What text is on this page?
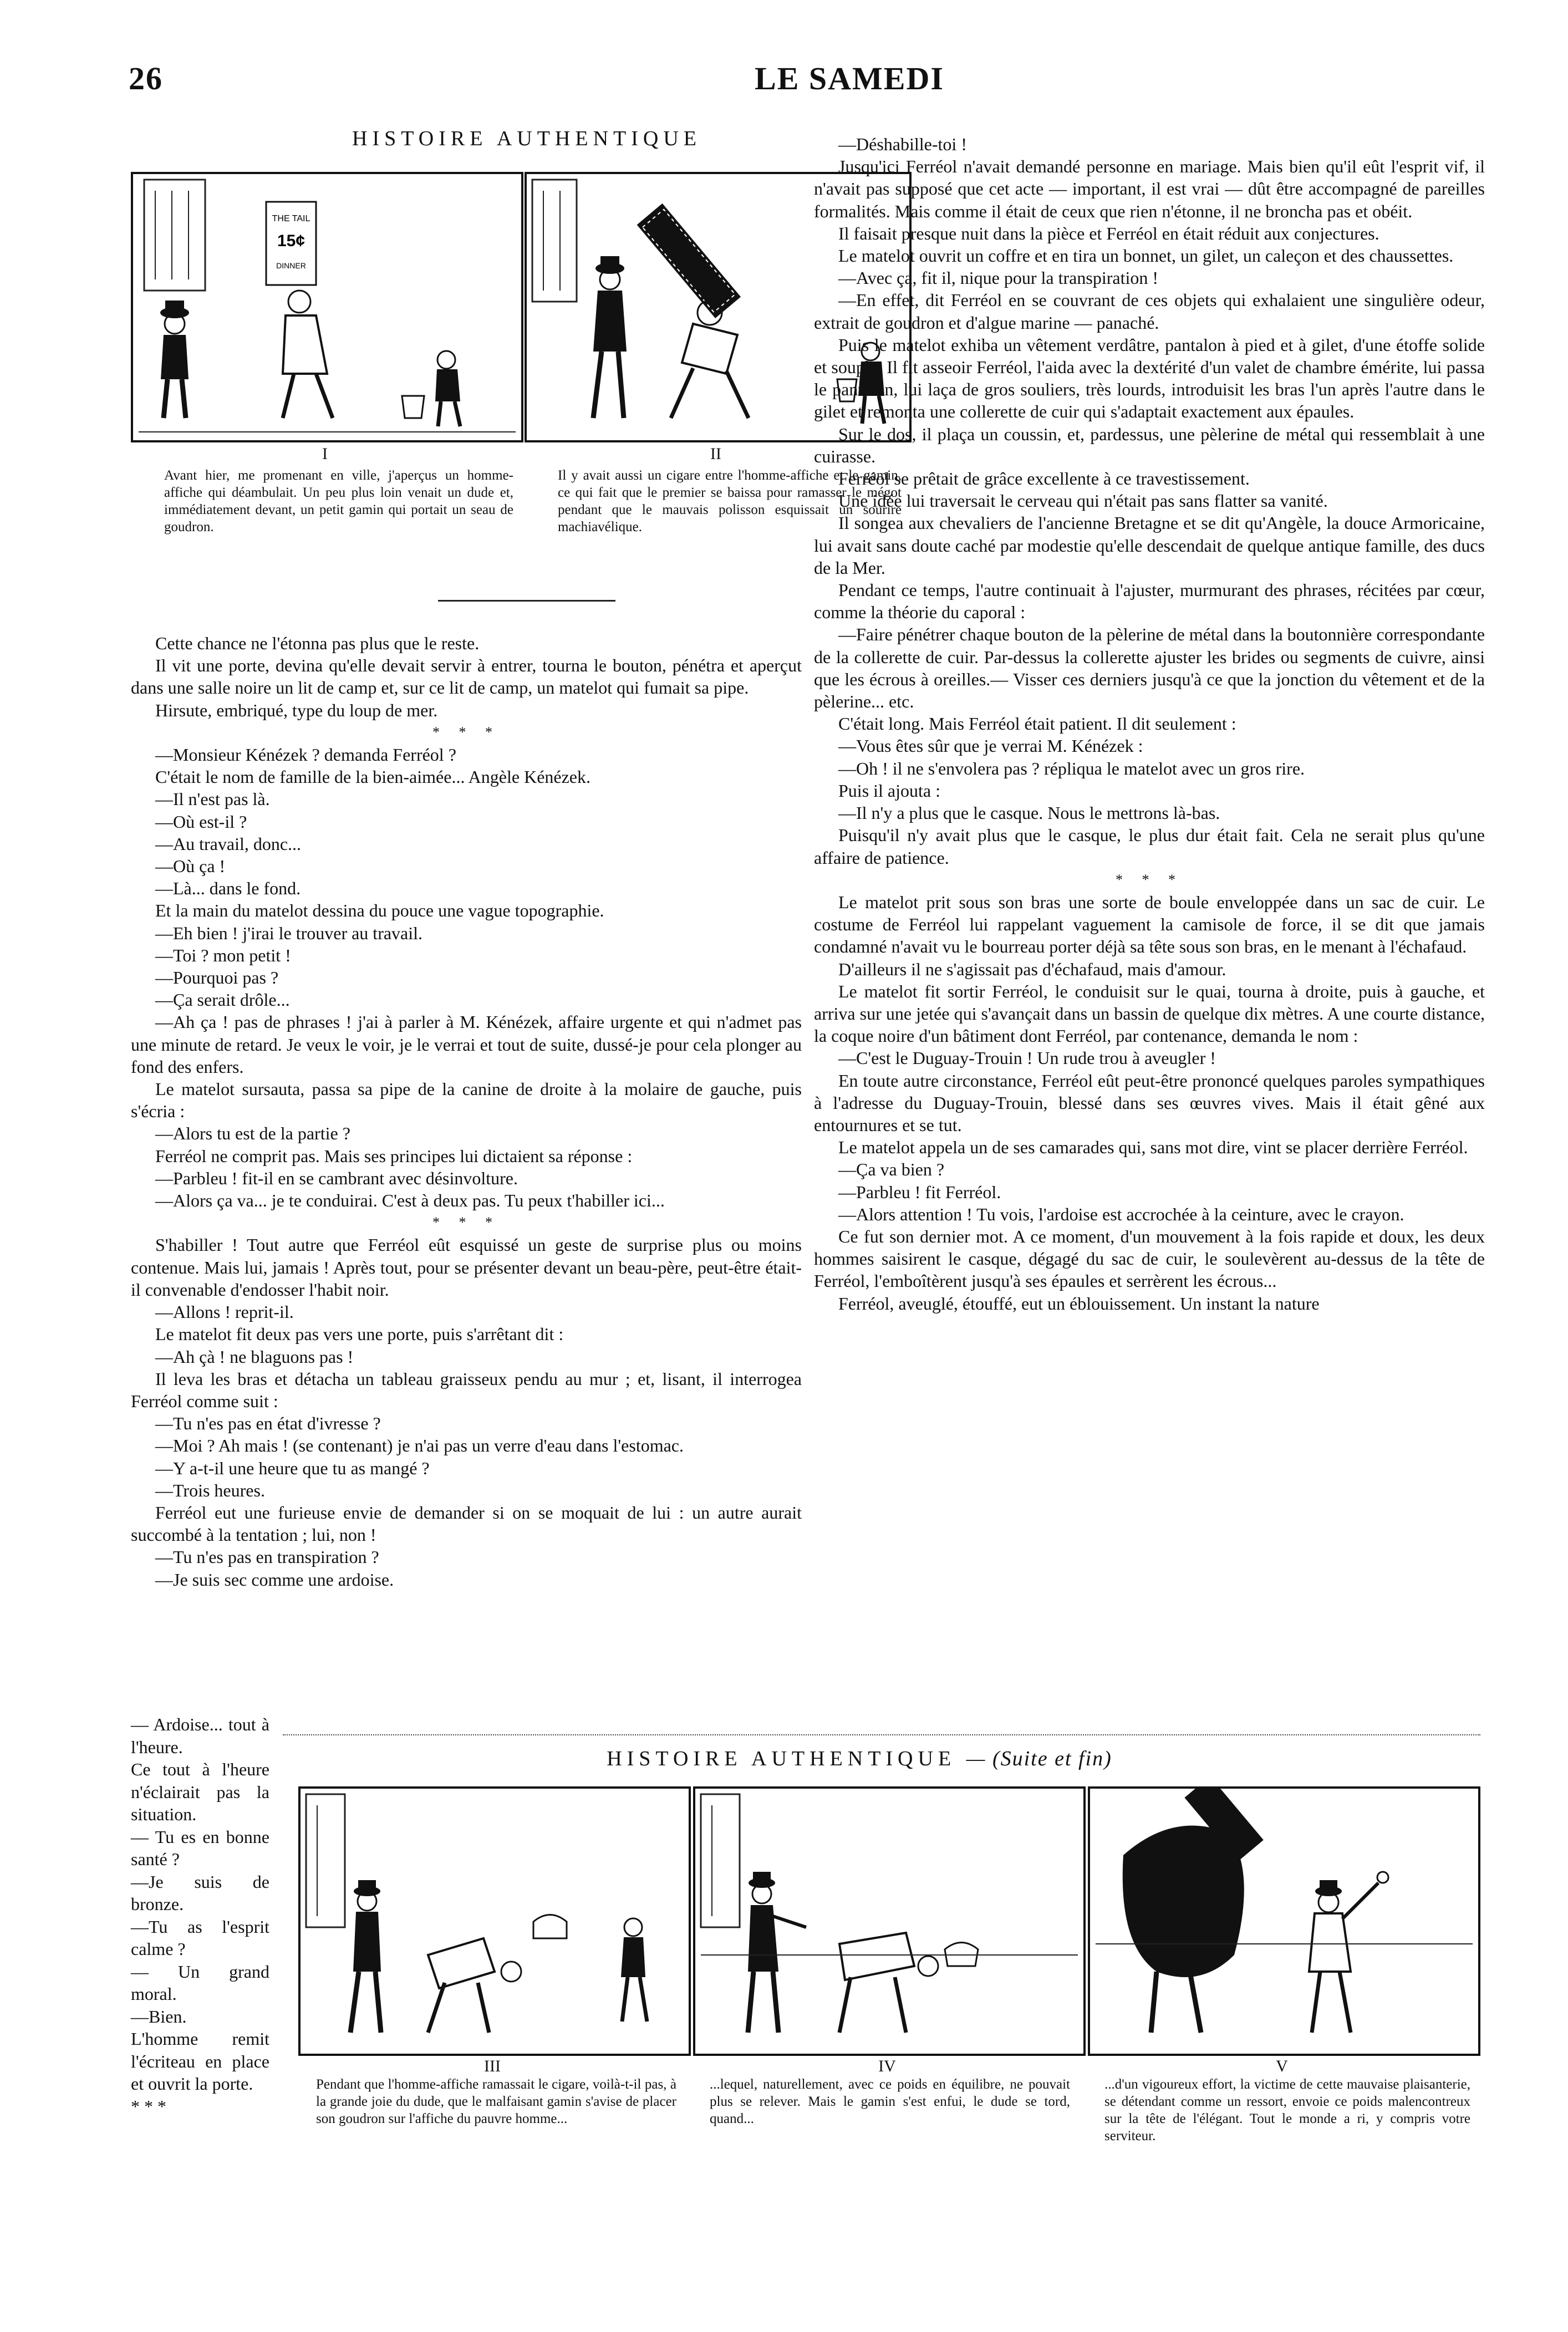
26	LE SAMEDI
HISTOIRE AUTHENTIQUE
THE TAIL
15¢
DINNER
I
Avant hier, me promenant en ville, j'aperçus un homme-affiche qui déambulait. Un peu plus loin venait un dude et, immédiatement devant, un petit gamin qui portait un seau de goudron.
II
Il y avait aussi un cigare entre l'homme-affiche et le gamin, ce qui fait que le premier se baissa pour ramasser le mégot pendant que le mauvais polisson esquissait un sourire machiavélique.

Cette chance ne l'étonna pas plus que le reste.

Il vit une porte, devina qu'elle devait servir à entrer, tourna le bouton, pénétra et aperçut dans une salle noire un lit de camp et, sur ce lit de camp, un matelot qui fumait sa pipe.

Hirsute, embriqué, type du loup de mer.

* * *

—Monsieur Kénézek ? demanda Ferréol ?

C'était le nom de famille de la bien-aimée... Angèle Kénézek.

—Il n'est pas là.

—Où est-il ?

—Au travail, donc...

—Où ça !

—Là... dans le fond.

Et la main du matelot dessina du pouce une vague topographie.

—Eh bien ! j'irai le trouver au travail.

—Toi ? mon petit !

—Pourquoi pas ?

—Ça serait drôle...

—Ah ça ! pas de phrases ! j'ai à parler à M. Kénézek, affaire urgente et qui n'admet pas une minute de retard. Je veux le voir, je le verrai et tout de suite, dussé-je pour cela plonger au fond des enfers.

Le matelot sursauta, passa sa pipe de la canine de droite à la molaire de gauche, puis s'écria :

—Alors tu est de la partie ?

Ferréol ne comprit pas. Mais ses principes lui dictaient sa réponse :

—Parbleu ! fit-il en se cambrant avec désinvolture.

—Alors ça va... je te conduirai. C'est à deux pas. Tu peux t'habiller ici...

* * *

S'habiller ! Tout autre que Ferréol eût esquissé un geste de surprise plus ou moins contenue. Mais lui, jamais ! Après tout, pour se présenter devant un beau-père, peut-être était-il convenable d'endosser l'habit noir.

—Allons ! reprit-il.

Le matelot fit deux pas vers une porte, puis s'arrêtant dit :

—Ah çà ! ne blaguons pas !

Il leva les bras et détacha un tableau graisseux pendu au mur ; et, lisant, il interrogea Ferréol comme suit :

—Tu n'es pas en état d'ivresse ?

—Moi ? Ah mais ! (se contenant) je n'ai pas un verre d'eau dans l'estomac.

—Y a-t-il une heure que tu as mangé ?

—Trois heures.

Ferréol eut une furieuse envie de demander si on se moquait de lui : un autre aurait succombé à la tentation ; lui, non !

—Tu n'es pas en transpiration ?

—Je suis sec comme une ardoise.

— Ardoise... tout à l'heure.

Ce tout à l'heure n'éclairait pas la situation.

— Tu es en bonne santé ?

—Je suis de bronze.

—Tu as l'esprit calme ?

— Un grand moral.

—Bien.

L'homme remit l'écriteau en place et ouvrit la porte.

* * *

—Déshabille-toi !

Jusqu'ici Ferréol n'avait demandé personne en mariage. Mais bien qu'il eût l'esprit vif, il n'avait pas supposé que cet acte — important, il est vrai — dût être accompagné de pareilles formalités. Mais comme il était de ceux que rien n'étonne, il ne broncha pas et obéit.

Il faisait presque nuit dans la pièce et Ferréol en était réduit aux conjectures.

Le matelot ouvrit un coffre et en tira un bonnet, un gilet, un caleçon et des chaussettes.

—Avec ça, fit il, nique pour la transpiration !

—En effet, dit Ferréol en se couvrant de ces objets qui exhalaient une singulière odeur, extrait de goudron et d'algue marine — panaché.

Puis le matelot exhiba un vêtement verdâtre, pantalon à pied et à gilet, d'une étoffe solide et souple. Il fit asseoir Ferréol, l'aida avec la dextérité d'un valet de chambre émérite, lui passa le pantalon, lui laça de gros souliers, très lourds, introduisit les bras l'un après l'autre dans le gilet et remonta une collerette de cuir qui s'adaptait exactement aux épaules.

Sur le dos, il plaça un coussin, et, pardessus, une pèlerine de métal qui ressemblait à une cuirasse.

Ferréol se prêtait de grâce excellente à ce travestissement.

Une idée lui traversait le cerveau qui n'était pas sans flatter sa vanité.

Il songea aux chevaliers de l'ancienne Bretagne et se dit qu'Angèle, la douce Armoricaine, lui avait sans doute caché par modestie qu'elle descendait de quelque antique famille, des ducs de la Mer.

Pendant ce temps, l'autre continuait à l'ajuster, murmurant des phrases, récitées par cœur, comme la théorie du caporal :

—Faire pénétrer chaque bouton de la pèlerine de métal dans la boutonnière correspondante de la collerette de cuir. Par-dessus la collerette ajuster les brides ou segments de cuivre, ainsi que les écrous à oreilles.— Visser ces derniers jusqu'à ce que la jonction du vêtement et de la pèlerine... etc.

C'était long. Mais Ferréol était patient. Il dit seulement :

—Vous êtes sûr que je verrai M. Kénézek :

—Oh ! il ne s'envolera pas ? répliqua le matelot avec un gros rire.

Puis il ajouta :

—Il n'y a plus que le casque. Nous le mettrons là-bas.

Puisqu'il n'y avait plus que le casque, le plus dur était fait. Cela ne serait plus qu'une affaire de patience.

* * *

Le matelot prit sous son bras une sorte de boule enveloppée dans un sac de cuir. Le costume de Ferréol lui rappelant vaguement la camisole de force, il se dit que jamais condamné n'avait vu le bourreau porter déjà sa tête sous son bras, en le menant à l'échafaud.

D'ailleurs il ne s'agissait pas d'échafaud, mais d'amour.

Le matelot fit sortir Ferréol, le conduisit sur le quai, tourna à droite, puis à gauche, et arriva sur une jetée qui s'avançait dans un bassin de quelque dix mètres. A une courte distance, la coque noire d'un bâtiment dont Ferréol, par contenance, demanda le nom :

—C'est le Duguay-Trouin ! Un rude trou à aveugler !

En toute autre circonstance, Ferréol eût peut-être prononcé quelques paroles sympathiques à l'adresse du Duguay-Trouin, blessé dans ses œuvres vives. Mais il était gêné aux entournures et se tut.

Le matelot appela un de ses camarades qui, sans mot dire, vint se placer derrière Ferréol.

—Ça va bien ?

—Parbleu ! fit Ferréol.

—Alors attention ! Tu vois, l'ardoise est accrochée à la ceinture, avec le crayon.

Ce fut son dernier mot. A ce moment, d'un mouvement à la fois rapide et doux, les deux hommes saisirent le casque, dégagé du sac de cuir, le soulevèrent au-dessus de la tête de Ferréol, l'emboîtèrent jusqu'à ses épaules et serrèrent les écrous...

Ferréol, aveuglé, étouffé, eut un éblouissement. Un instant la nature

HISTOIRE AUTHENTIQUE — (Suite et fin)
III
Pendant que l'homme-affiche ramassait le cigare, voilà-t-il pas, à la grande joie du dude, que le malfaisant gamin s'avise de placer son goudron sur l'affiche du pauvre homme...
IV
...lequel, naturellement, avec ce poids en équilibre, ne pouvait plus se relever. Mais le gamin s'est enfui, le dude se tord, quand...
V
...d'un vigoureux effort, la victime de cette mauvaise plaisanterie, se détendant comme un ressort, envoie ce poids malencontreux sur la tête de l'élégant. Tout le monde a ri, y compris votre serviteur.
